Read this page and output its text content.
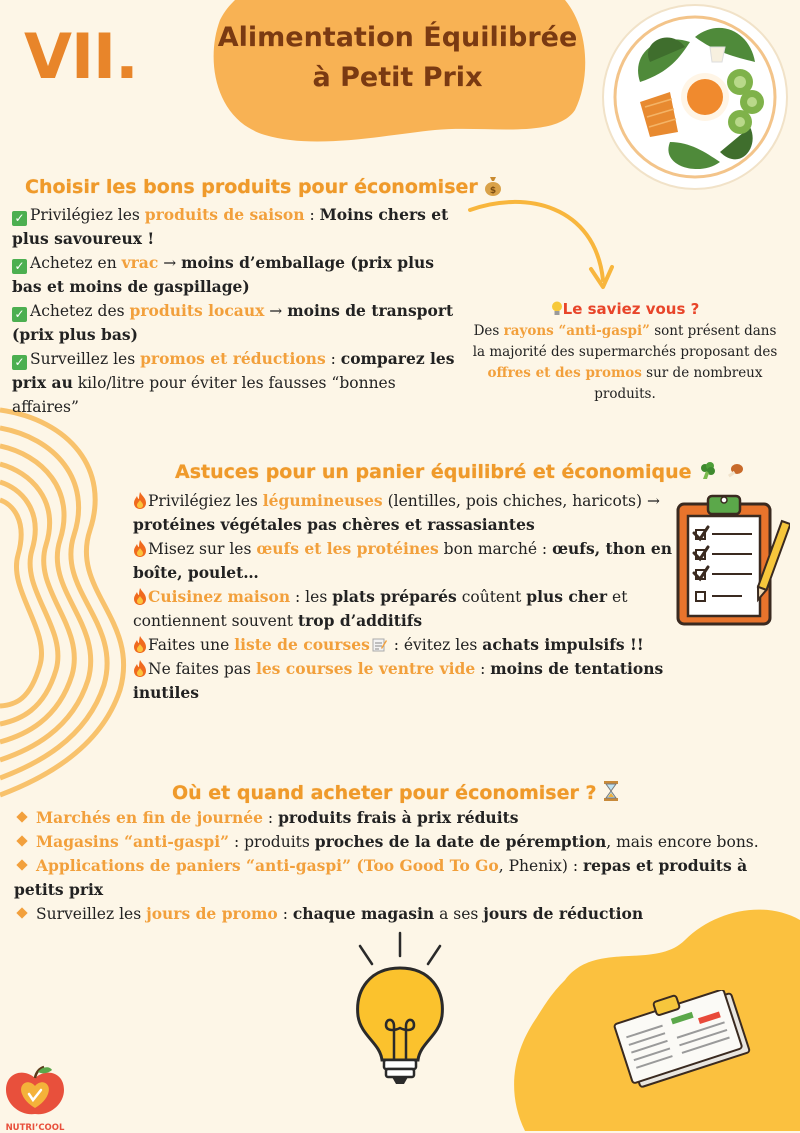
VII.	Alimentation Équilibrée
à Petit Prix
Choisir les bons produits pour économiser $
✓ Privilégiez les produits de saison : Moins chers et plus savoureux !
✓ Achetez en vrac → moins d’emballage (prix plus bas et moins de gaspillage)
✓ Achetez des produits locaux → moins de transport (prix plus bas)
✓ Surveillez les promos et réductions : comparez les prix au kilo/litre pour éviter les fausses “bonnes affaires”
Le saviez vous ?
Des rayons “anti-gaspi” sont présent dans la majorité des supermarchés proposant des offres et des promos sur de nombreux produits.
Astuces pour un panier équilibré et économique
Privilégiez les légumineuses (lentilles, pois chiches, haricots) → protéines végétales pas chères et rassasiantes
Misez sur les œufs et les protéines bon marché : œufs, thon en boîte, poulet…
Cuisinez maison : les plats préparés coûtent plus cher et contiennent souvent trop d’additifs
Faites une liste de courses : évitez les achats impulsifs !!
Ne faites pas les courses le ventre vide : moins de tentations inutiles
Où et quand acheter pour économiser ?
Marchés en fin de journée : produits frais à prix réduits
Magasins “anti-gaspi” : produits proches de la date de péremption, mais encore bons.
Applications de paniers “anti-gaspi” (Too Good To Go, Phenix) : repas et produits à petits prix
Surveillez les jours de promo : chaque magasin a ses jours de réduction
NUTRI’COOL
